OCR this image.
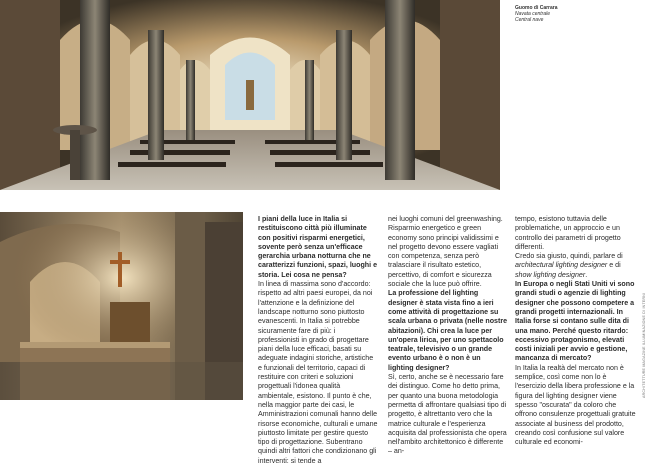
Guomo di Carrara
Navata centrale
Central nave

I piani della luce in Italia si restituiscono città più illuminate con positivi risparmi energetici, sovente però senza un'efficace gerarchia urbana notturna che ne caratterizzi funzioni, spazi, luoghi e storia. Lei cosa ne pensa?

In linea di massima sono d'accordo: rispetto ad altri paesi europei, da noi l'attenzione e la definizione del landscape notturno sono piuttosto evanescenti. In Italia si potrebbe sicuramente fare di più: i professionisti in grado di progettare piani della luce efficaci, basati su adeguate indagini storiche, artistiche e funzionali del territorio, capaci di restituire con criteri e soluzioni progettuali l'idonea qualità ambientale, esistono. Il punto è che, nella maggior parte dei casi, le Amministrazioni comunali hanno delle risorse economiche, culturali e umane piuttosto limitate per gestire questo tipo di progettazione. Subentrano quindi altri fattori che condizionano gli interventi: si tende a

nei luoghi comuni del greenwashing. Risparmio energetico e green economy sono principi validissimi e nel progetto devono essere vagliati con competenza, senza però tralasciare il risultato estetico, percettivo, di comfort e sicurezza sociale che la luce può offrire.

La professione del lighting designer è stata vista fino a ieri come attività di progettazione su scala urbana o privata (nelle nostre abitazioni). Chi crea la luce per un'opera lirica, per uno spettacolo teatrale, televisivo o un grande evento urbano è o non è un lighting designer?

Sì, certo, anche se è necessario fare dei distinguo. Come ho detto prima, per quanto una buona metodologia permetta di affrontare qualsiasi tipo di progetto, è altrettanto vero che la matrice culturale e l'esperienza acquisita dal professionista che opera nell'ambito architettonico è differente – an-

tempo, esistono tuttavia delle problematiche, un approccio e un controllo dei parametri di progetto differenti.

Credo sia giusto, quindi, parlare di architectural lighting designer e di show lighting designer.

In Europa o negli Stati Uniti vi sono grandi studi o agenzie di lighting designer che possono competere a grandi progetti internazionali. In Italia forse si contano sulle dita di una mano. Perché questo ritardo: eccessivo protagonismo, elevati costi iniziali per avvio e gestione, mancanza di mercato?

In Italia la realtà del mercato non è semplice, così come non lo è l'esercizio della libera professione e la figura del lighting designer viene spesso "oscurata" da coloro che offrono consulenze progettuali gratuite associate al business del prodotto, creando così confusione sul valore culturale ed economi-

ARCHITETTURE MAGAZINE ILLUMINAZIONE DI INTERNI
